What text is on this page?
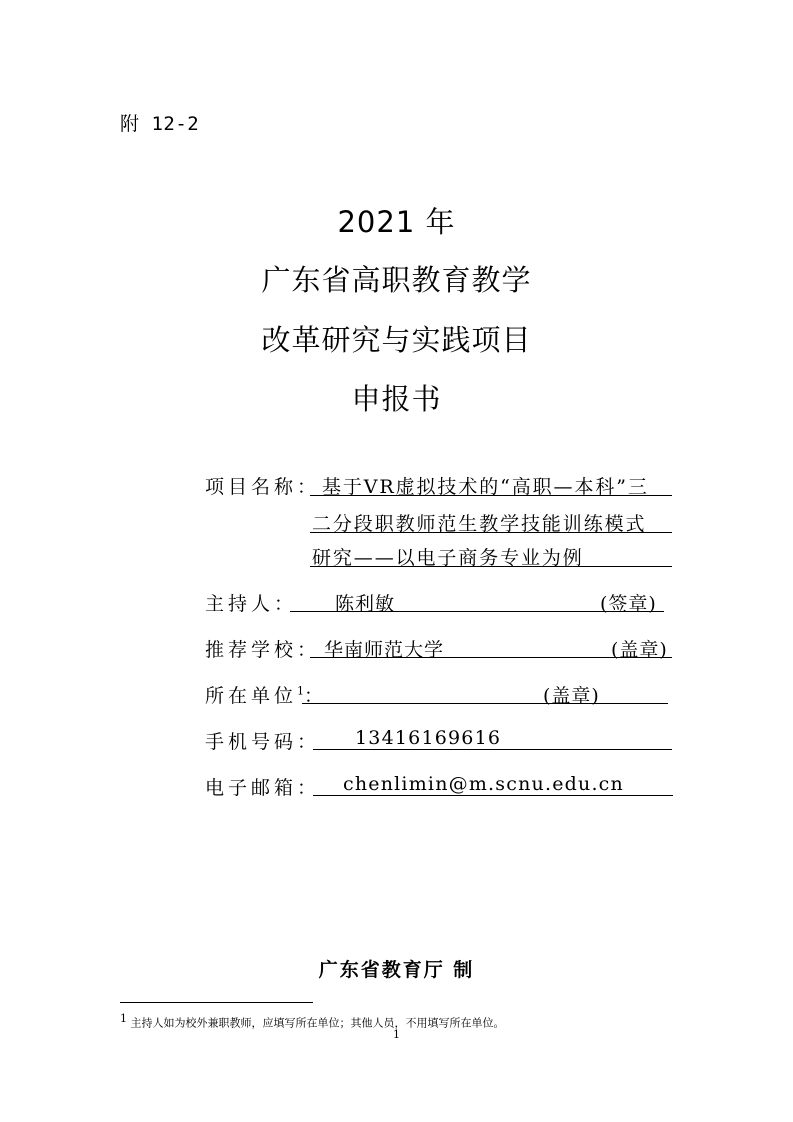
附 12-2
2021 年
广东省高职教育教学
改革研究与实践项目
申报书
项目名称： 基于VR虚拟技术的“高职—本科”三
二分段职教师范生教学技能训练模式
研究——以电子商务专业为例
主持人： 陈利敏	(签章)
推荐学校： 华南师范大学	(盖章)
所在单位$^1$：	(盖章)
手机号码： 13416169616
电子邮箱： chenlimin@m.scnu.edu.cn
广东省教育厅 制
1 主持人如为校外兼职教师，应填写所在单位；其他人员，不用填写所在单位。
1
